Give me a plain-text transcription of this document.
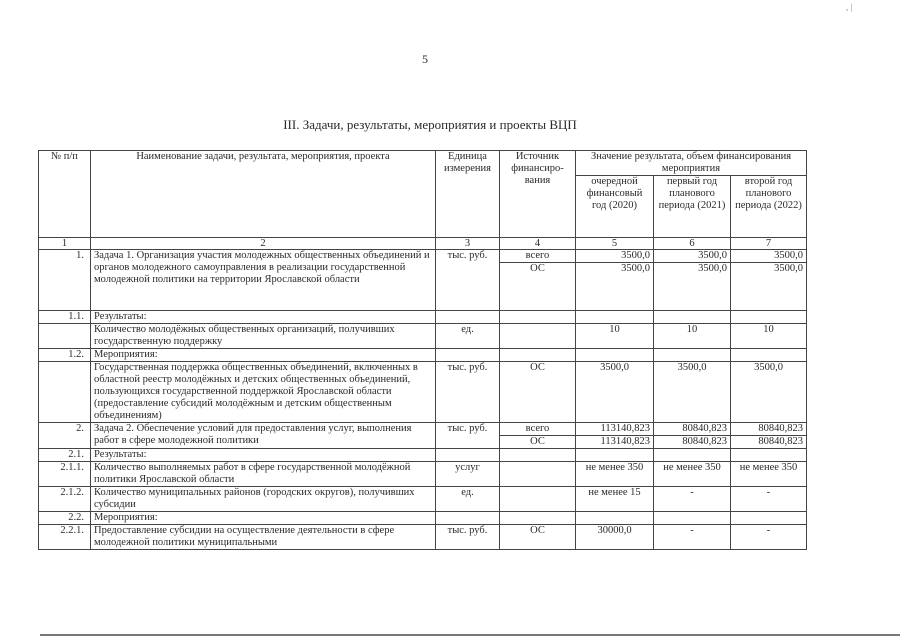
, |
5
III. Задачи, результаты, мероприятия и проекты ВЦП
№ п/п	Наименование задачи, результата, мероприятия, проекта	Единица измерения	Источник финансиро- вания	Значение результата, объем финансирования мероприятия		
				очередной финансовый год (2020)	первый год планового периода (2021)	второй год планового периода (2022)
1	2	3	4	5	6	7
1.	Задача 1. Организация участия молодежных общественных объединений и органов молодежного самоуправления в реализации государственной молодежной политики на территории Ярославской области	тыс. руб.	всего	3500,0	3500,0	3500,0
			ОС	3500,0	3500,0	3500,0
1.1.	Результаты:					
	Количество молодёжных общественных организаций, получивших государственную поддержку	ед.		10	10	10
1.2.	Мероприятия:					
	Государственная поддержка общественных объединений, включенных в областной реестр молодёжных и детских общественных объединений, пользующихся государственной поддержкой Ярославской области (предоставление субсидий молодёжным и детским общественным объединениям)	тыс. руб.	ОС	3500,0	3500,0	3500,0
2.	Задача 2. Обеспечение условий для предоставления услуг, выполнения работ в сфере молодежной политики	тыс. руб.	всего	113140,823	80840,823	80840,823
			ОС	113140,823	80840,823	80840,823
2.1.	Результаты:					
2.1.1.	Количество выполняемых работ в сфере государственной молодёжной политики Ярославской области	услуг		не менее 350	не менее 350	не менее 350
2.1.2.	Количество муниципальных районов (городских округов), получивших субсидии	ед.		не менее 15	-	-
2.2.	Мероприятия:					
2.2.1.	Предоставление субсидии на осуществление деятельности в сфере молодежной политики муниципальными	тыс. руб.	ОС	30000,0	-	-
